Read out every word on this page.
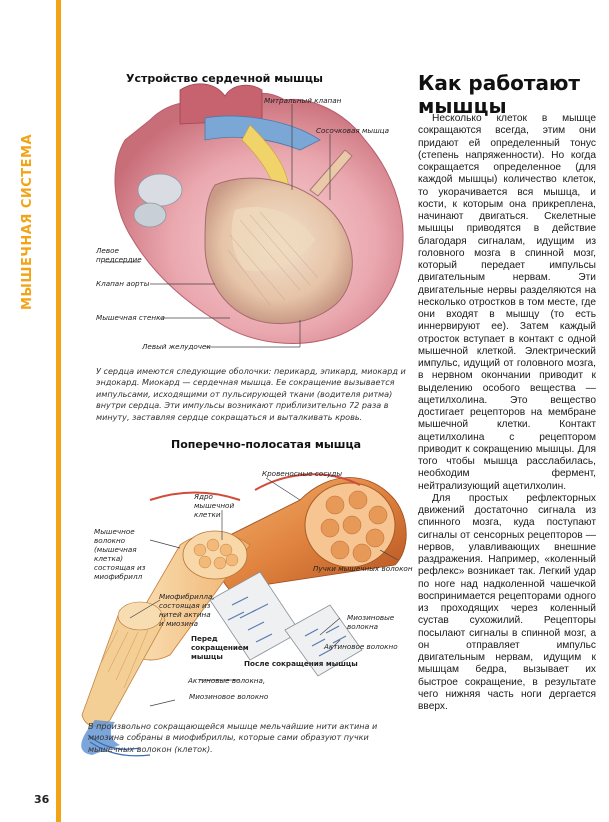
МЫШЕЧНАЯ СИСТЕМА
36
Устройство сердечной мышцы
Митральный клапан
Сосочковая мышца
Левое предсердие
Клапан аорты
Мышечная стенка
Левый желудочек
У сердца имеются следующие оболочки: перикард, эпикард, миокард и эндокард. Миокард — сердечная мышца. Ее сокращение вызывается импульсами, исходящими от пульсирующей ткани (водителя ритма) внутри сердца. Эти импульсы возникают приблизительно 72 раза в минуту, заставляя сердце сокращаться и выталкивать кровь.
Поперечно-полосатая мышца
Кровеносные сосуды
Ядро мышечной клетки
Мышечное волокно (мышечная клетка) состоящая из миофибрилл
Пучки мышечных волокон
Миофибрилла, состоящая из нитей актина и миозина
Миозиновые волокна
Перед сокращением мышцы
Актиновое волокно
После сокращения мышцы
Актиновые волокна,
Миозиновое волокно
В произвольно сокращающейся мышце мельчайшие нити актина и миозина собраны в миофибриллы, которые сами образуют пучки мышечных волокон (клеток).
Как работают мышцы

Несколько клеток в мышце сокращаются всегда, этим они придают ей определенный тонус (степень напряженности). Но когда сокращается определенное (для каждой мышцы) количество клеток, то укорачивается вся мышца, и кости, к которым она прикреплена, начинают двигаться. Скелетные мышцы приводятся в действие благодаря сигналам, идущим из головного мозга в спинной мозг, который передает импульсы двигательным нервам. Эти двигательные нервы разделяются на несколько отростков в том месте, где они входят в мышцу (то есть иннервируют ее). Затем каждый отросток вступает в контакт с одной мышечной клеткой. Электрический импульс, идущий от головного мозга, в нервном окончании приводит к выделению особого вещества — ацетилхолина. Это вещество достигает рецепторов на мембране мышечной клетки. Контакт ацетилхолина с рецептором приводит к сокращению мышцы. Для того чтобы мышца расслабилась, необходим фермент, нейтрализующий ацетилхолин.

Для простых рефлекторных движений достаточно сигнала из спинного мозга, куда поступают сигналы от сенсорных рецепторов — нервов, улавливающих внешние раздражения. Например, «коленный рефлекс» возникает так. Легкий удар по ноге над надколенной чашечкой воспринимается рецепторами одного из проходящих через коленный сустав сухожилий. Рецепторы посылают сигналы в спинной мозг, а он отправляет импульс двигательным нервам, идущим к мышцам бедра, вызывает их быстрое сокращение, в результате чего нижняя часть ноги дергается вверх.
